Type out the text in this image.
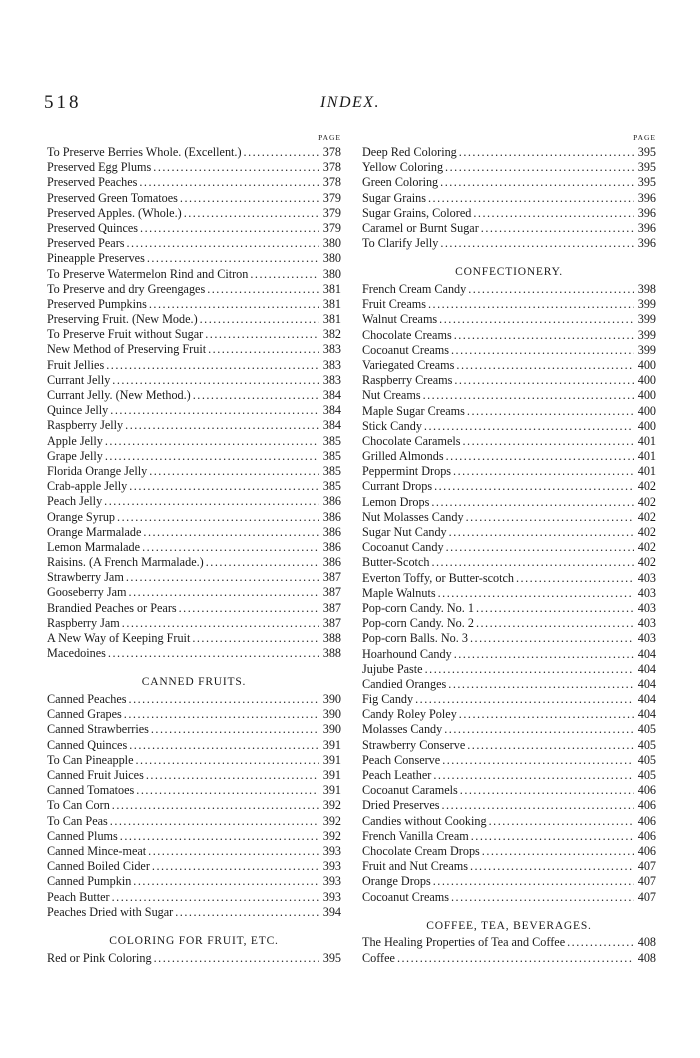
518	INDEX.
PAGE
To Preserve Berries Whole. (Excellent.) .....	378
Preserved Egg Plums .....	378
Preserved Peaches .....	378
Preserved Green Tomatoes .....	379
Preserved Apples. (Whole.) .....	379
Preserved Quinces .....	379
Preserved Pears .....	380
Pineapple Preserves .....	380
To Preserve Watermelon Rind and Citron .....	380
To Preserve and dry Greengages .....	381
Preserved Pumpkins .....	381
Preserving Fruit. (New Mode.) .....	381
To Preserve Fruit without Sugar .....	382
New Method of Preserving Fruit .....	383
Fruit Jellies .....	383
Currant Jelly .....	383
Currant Jelly. (New Method.) .....	384
Quince Jelly .....	384
Raspberry Jelly .....	384
Apple Jelly .....	385
Grape Jelly .....	385
Florida Orange Jelly .....	385
Crab-apple Jelly .....	385
Peach Jelly .....	386
Orange Syrup .....	386
Orange Marmalade .....	386
Lemon Marmalade .....	386
Raisins. (A French Marmalade.) .....	386
Strawberry Jam .....	387
Gooseberry Jam .....	387
Brandied Peaches or Pears .....	387
Raspberry Jam .....	387
A New Way of Keeping Fruit .....	388
Macedoines .....	388
CANNED FRUITS.
Canned Peaches .....	390
Canned Grapes .....	390
Canned Strawberries .....	390
Canned Quinces .....	391
To Can Pineapple .....	391
Canned Fruit Juices .....	391
Canned Tomatoes .....	391
To Can Corn .....	392
To Can Peas .....	392
Canned Plums .....	392
Canned Mince-meat .....	393
Canned Boiled Cider .....	393
Canned Pumpkin .....	393
Peach Butter .....	393
Peaches Dried with Sugar .....	394
COLORING FOR FRUIT, ETC.
Red or Pink Coloring .....	395
PAGE
Deep Red Coloring .....	395
Yellow Coloring .....	395
Green Coloring .....	395
Sugar Grains .....	396
Sugar Grains, Colored .....	396
Caramel or Burnt Sugar .....	396
To Clarify Jelly .....	396
CONFECTIONERY.
French Cream Candy .....	398
Fruit Creams .....	399
Walnut Creams .....	399
Chocolate Creams .....	399
Cocoanut Creams .....	399
Variegated Creams .....	400
Raspberry Creams .....	400
Nut Creams .....	400
Maple Sugar Creams .....	400
Stick Candy .....	400
Chocolate Caramels .....	401
Grilled Almonds .....	401
Peppermint Drops .....	401
Currant Drops .....	402
Lemon Drops .....	402
Nut Molasses Candy .....	402
Sugar Nut Candy .....	402
Cocoanut Candy .....	402
Butter-Scotch .....	402
Everton Toffy, or Butter-scotch .....	403
Maple Walnuts .....	403
Pop-corn Candy. No. 1 .....	403
Pop-corn Candy. No. 2 .....	403
Pop-corn Balls. No. 3 .....	403
Hoarhound Candy .....	404
Jujube Paste .....	404
Candied Oranges .....	404
Fig Candy .....	404
Candy Roley Poley .....	404
Molasses Candy .....	405
Strawberry Conserve .....	405
Peach Conserve .....	405
Peach Leather .....	405
Cocoanut Caramels .....	406
Dried Preserves .....	406
Candies without Cooking .....	406
French Vanilla Cream .....	406
Chocolate Cream Drops .....	406
Fruit and Nut Creams .....	407
Orange Drops .....	407
Cocoanut Creams .....	407
COFFEE, TEA, BEVERAGES.
The Healing Properties of Tea and Coffee .....	408
Coffee .....	408
